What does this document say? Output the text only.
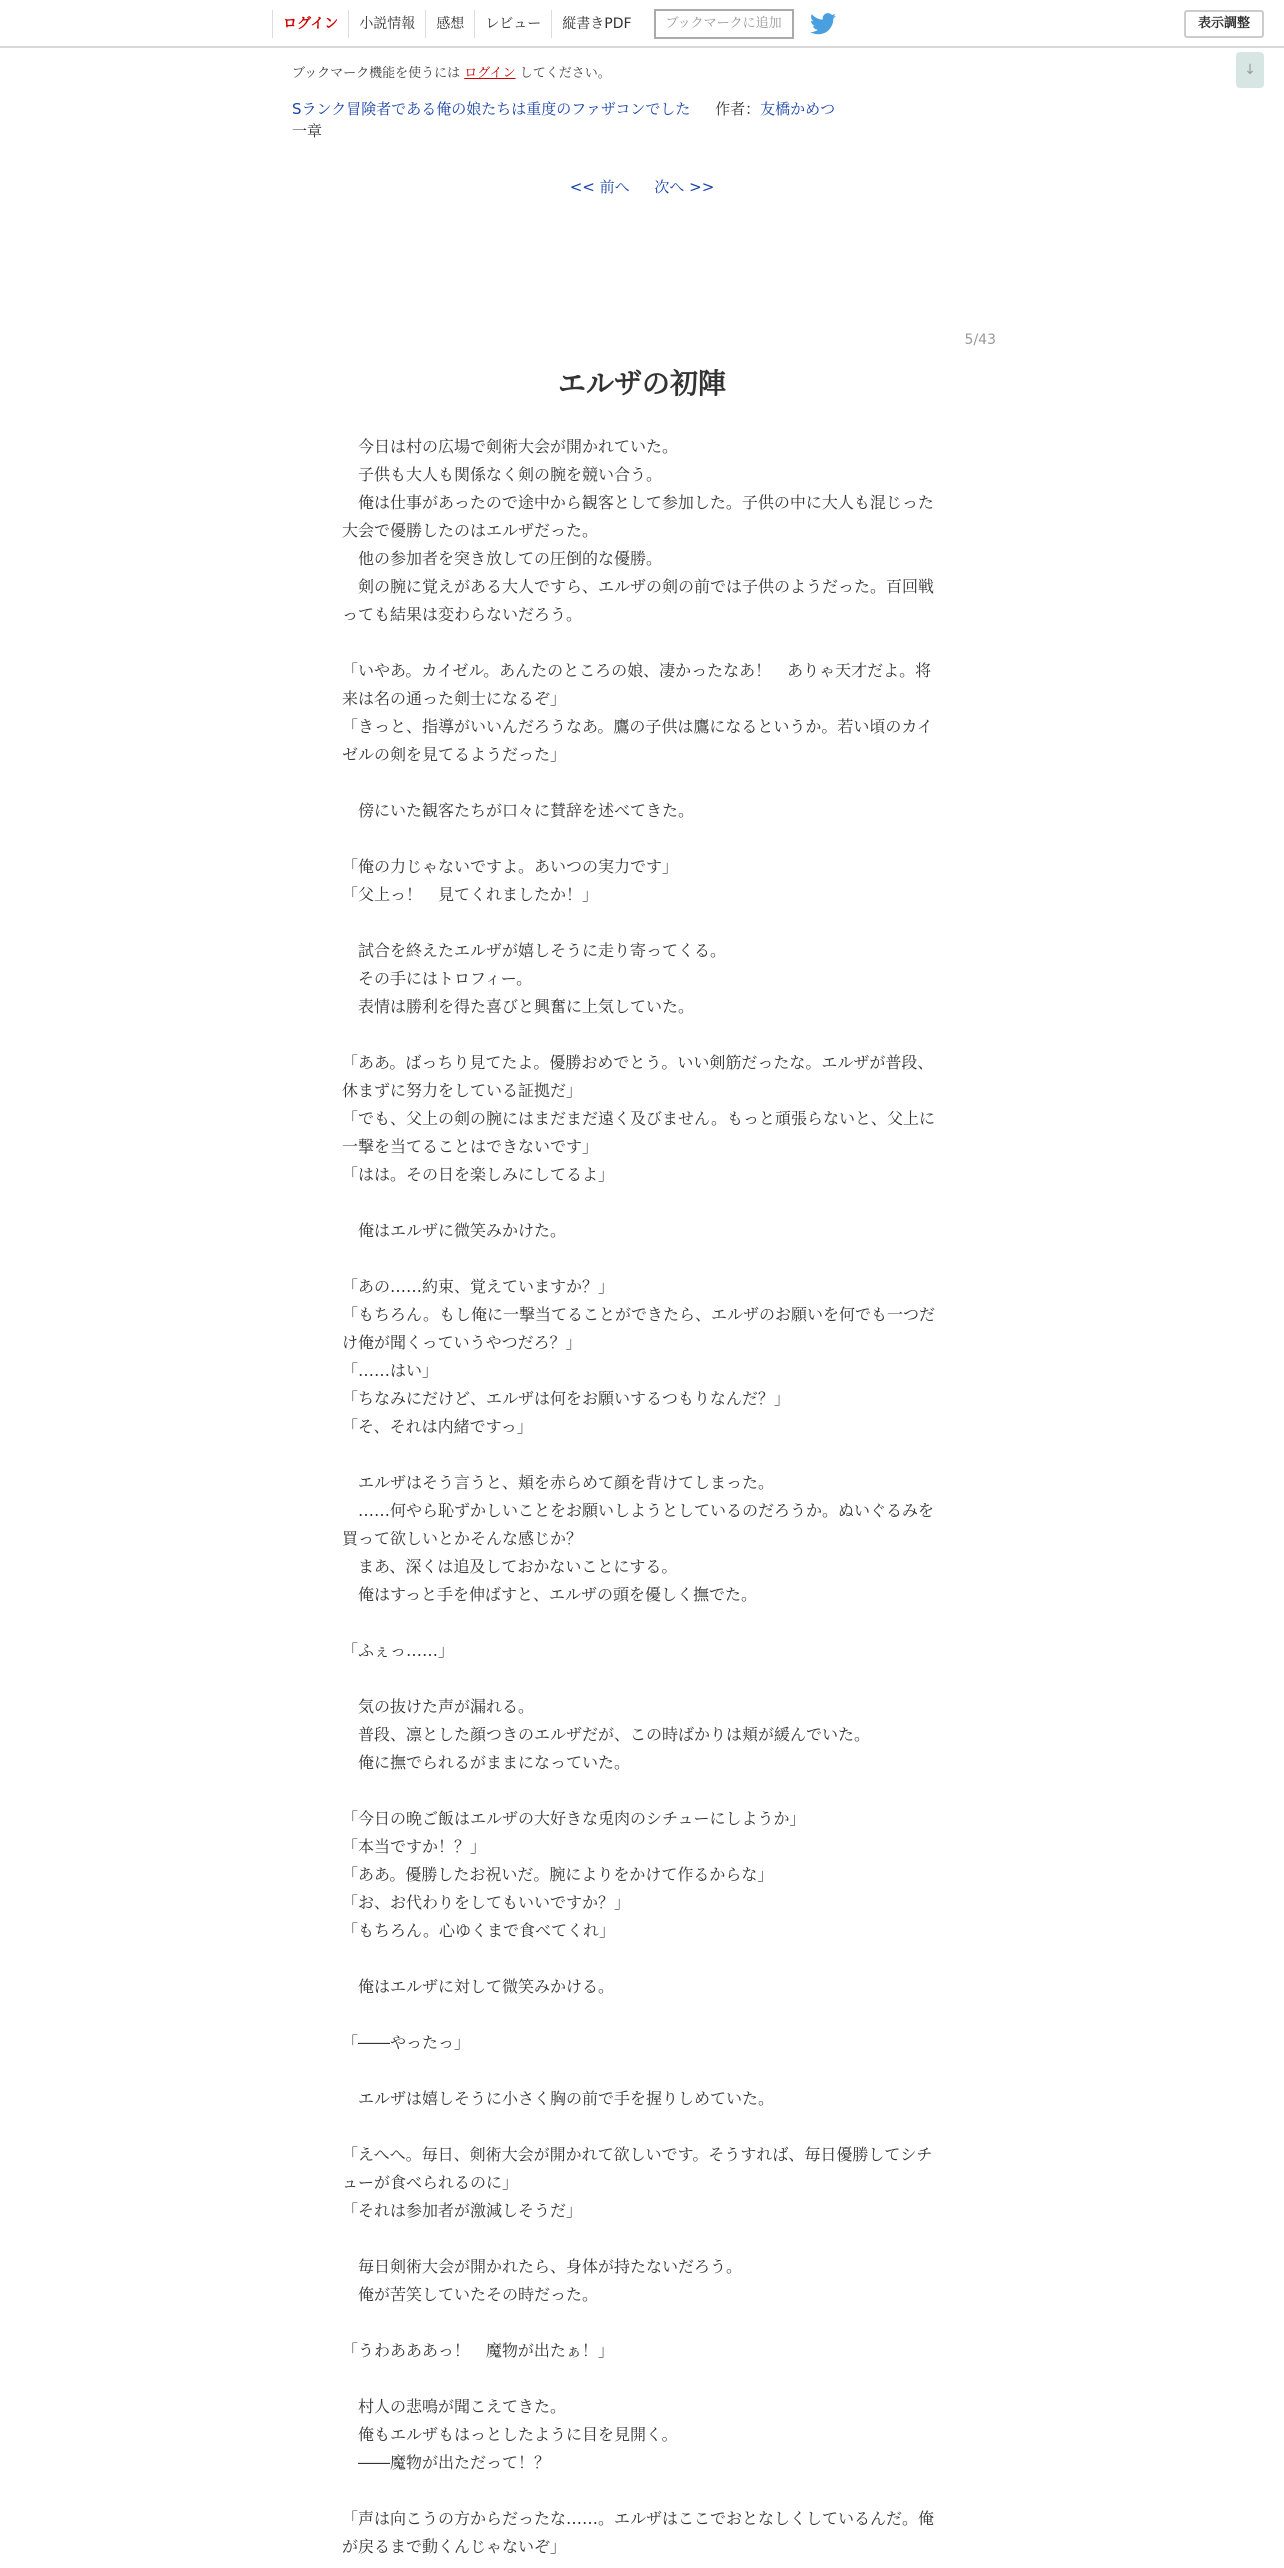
ログイン	小説情報	感想	レビュー	縦書きPDF	ブックマークに追加	表示調整
↓
ブックマーク機能を使うには ログイン してください。
Sランク冒険者である俺の娘たちは重度のファザコンでした 作者：友橋かめつ
一章
<< 前へ 次へ >>
5/43
エルザの初陣

　今日は村の広場で剣術大会が開かれていた。

　子供も大人も関係なく剣の腕を競い合う。

　俺は仕事があったので途中から観客として参加した。子供の中に大人も混じった大会で優勝したのはエルザだった。

　他の参加者を突き放しての圧倒的な優勝。

　剣の腕に覚えがある大人ですら、エルザの剣の前では子供のようだった。百回戦っても結果は変わらないだろう。

「いやあ。カイゼル。あんたのところの娘、凄かったなあ！　ありゃ天才だよ。将来は名の通った剣士になるぞ」

「きっと、指導がいいんだろうなあ。鷹の子供は鷹になるというか。若い頃のカイゼルの剣を見てるようだった」

　傍にいた観客たちが口々に賛辞を述べてきた。

「俺の力じゃないですよ。あいつの実力です」

「父上っ！　見てくれましたか！」

　試合を終えたエルザが嬉しそうに走り寄ってくる。

　その手にはトロフィー。

　表情は勝利を得た喜びと興奮に上気していた。

「ああ。ばっちり見てたよ。優勝おめでとう。いい剣筋だったな。エルザが普段、休まずに努力をしている証拠だ」

「でも、父上の剣の腕にはまだまだ遠く及びません。もっと頑張らないと、父上に一撃を当てることはできないです」

「はは。その日を楽しみにしてるよ」

　俺はエルザに微笑みかけた。

「あの……約束、覚えていますか？」

「もちろん。もし俺に一撃当てることができたら、エルザのお願いを何でも一つだけ俺が聞くっていうやつだろ？」

「……はい」

「ちなみにだけど、エルザは何をお願いするつもりなんだ？」

「そ、それは内緒ですっ」

　エルザはそう言うと、頬を赤らめて顔を背けてしまった。

　……何やら恥ずかしいことをお願いしようとしているのだろうか。ぬいぐるみを買って欲しいとかそんな感じか？

　まあ、深くは追及しておかないことにする。

　俺はすっと手を伸ばすと、エルザの頭を優しく撫でた。

「ふぇっ……」

　気の抜けた声が漏れる。

　普段、凛とした顔つきのエルザだが、この時ばかりは頬が緩んでいた。

　俺に撫でられるがままになっていた。

「今日の晩ご飯はエルザの大好きな兎肉のシチューにしようか」

「本当ですか！？」

「ああ。優勝したお祝いだ。腕によりをかけて作るからな」

「お、お代わりをしてもいいですか？」

「もちろん。心ゆくまで食べてくれ」

　俺はエルザに対して微笑みかける。

「――やったっ」

　エルザは嬉しそうに小さく胸の前で手を握りしめていた。

「えへへ。毎日、剣術大会が開かれて欲しいです。そうすれば、毎日優勝してシチューが食べられるのに」

「それは参加者が激減しそうだ」

　毎日剣術大会が開かれたら、身体が持たないだろう。

　俺が苦笑していたその時だった。

「うわあああっ！　魔物が出たぁ！」

　村人の悲鳴が聞こえてきた。

　俺もエルザもはっとしたように目を見開く。

　――魔物が出ただって！？

「声は向こうの方からだったな……。エルザはここでおとなしくしているんだ。俺が戻るまで動くんじゃないぞ」
